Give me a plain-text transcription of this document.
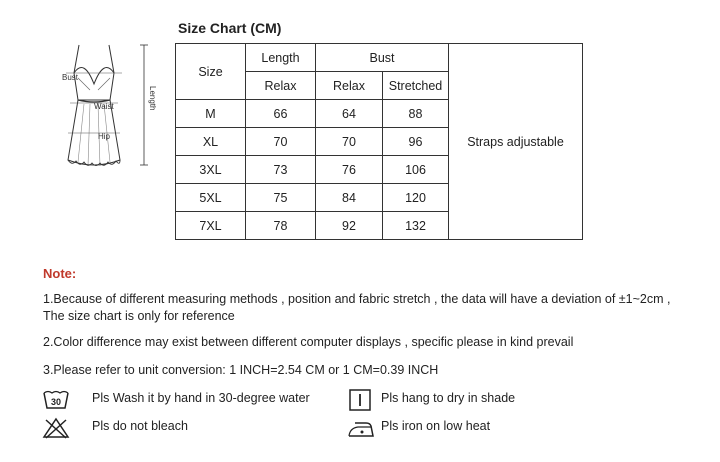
Bust
Waist
Hip
Length
Size Chart (CM)
Size	Length	Bust		Straps adjustable
	Relax	Relax	Stretched	
M	66	64	88	
XL	70	70	96	
3XL	73	76	106	
5XL	75	84	120	
7XL	78	92	132	
Note:
1.Because of different measuring methods , position and fabric stretch , the data will have a deviation of ±1~2cm ,
The size chart is only for reference
2.Color difference may exist between different computer displays , specific please in kind prevail
3.Please refer to unit conversion: 1 INCH=2.54 CM or 1 CM=0.39 INCH
30 Pls Wash it by hand in 30-degree water
Pls do not bleach
Pls hang to dry in shade
Pls iron on low heat
